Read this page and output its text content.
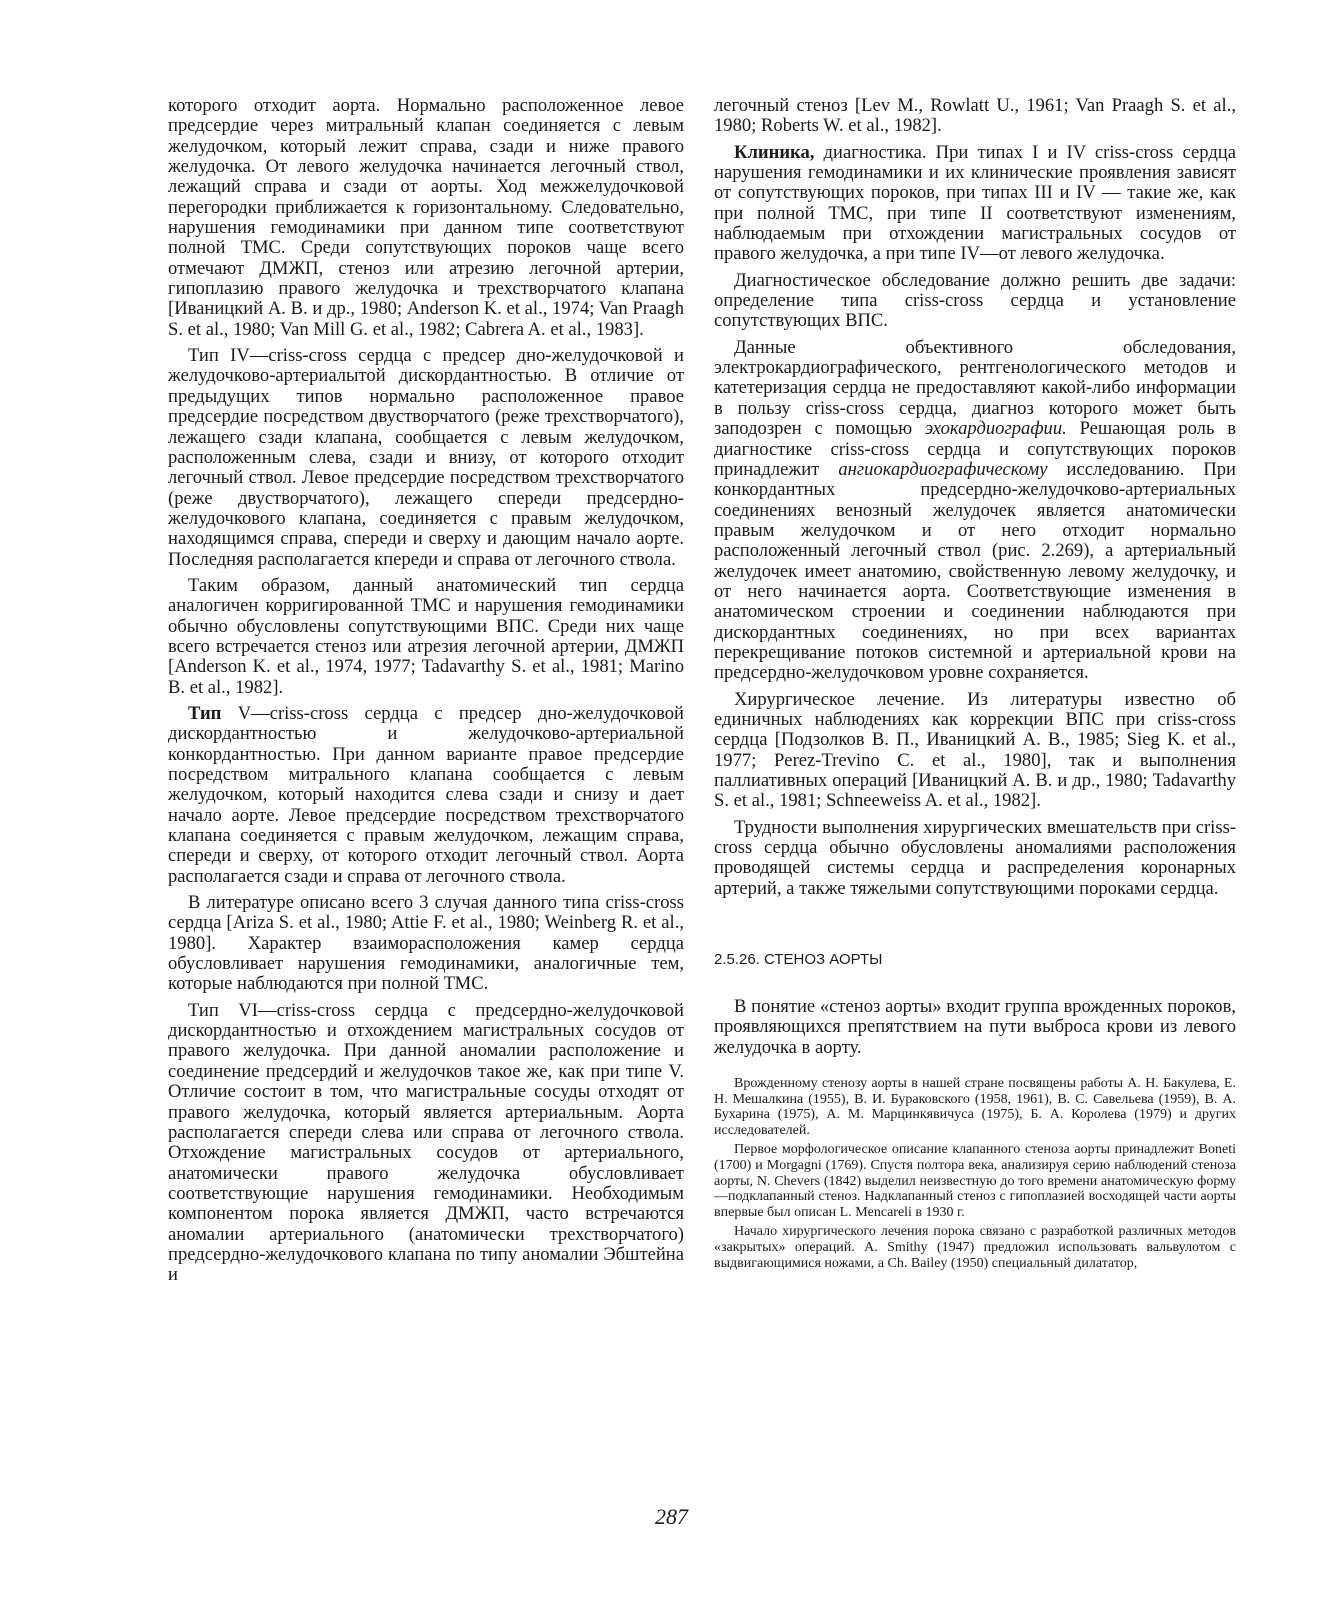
которого отходит аорта. Нормально расположенное левое предсердие через митральный клапан соединяется с левым желудочком, который лежит справа, сзади и ниже правого желудочка. От левого желудочка начинается легочный ствол, лежащий справа и сзади от аорты. Ход межжелудочковой перегородки приближается к горизонтальному. Следовательно, нарушения гемодинамики при данном типе соответствуют полной ТМС. Среди сопутствующих пороков чаще всего отмечают ДМЖП, стеноз или атрезию легочной артерии, гипоплазию правого желудочка и трехстворчатого клапана [Иваницкий А. В. и др., 1980; Anderson K. et al., 1974; Van Praagh S. et al., 1980; Van Mill G. et al., 1982; Cabrera A. et al., 1983].

Тип IV—criss-cross сердца с предсер дно-желудочковой и желудочково-артериалытой дискордантностью. В отличие от предыдущих типов нормально расположенное правое предсердие посредством двустворчатого (реже трехстворчатого), лежащего сзади клапана, сообщается с левым желудочком, расположенным слева, сзади и внизу, от которого отходит легочный ствол. Левое предсердие посредством трехстворчатого (реже двустворчатого), лежащего спереди предсердно-желудочкового клапана, соединяется с правым желудочком, находящимся справа, спереди и сверху и дающим начало аорте. Последняя располагается кпереди и справа от легочного ствола.

Таким образом, данный анатомический тип сердца аналогичен корригированной ТМС и нарушения гемодинамики обычно обусловлены сопутствующими ВПС. Среди них чаще всего встречается стеноз или атрезия легочной артерии, ДМЖП [Anderson K. et al., 1974, 1977; Tadavarthy S. et al., 1981; Marino B. et al., 1982].

Тип V—criss-cross сердца с предсер дно-желудочковой дискордантностью и желудочково-артериальной конкордантностью. При данном варианте правое предсердие посредством митрального клапана сообщается с левым желудочком, который находится слева сзади и снизу и дает начало аорте. Левое предсердие посредством трехстворчатого клапана соединяется с правым желудочком, лежащим справа, спереди и сверху, от которого отходит легочный ствол. Аорта располагается сзади и справа от легочного ствола.

В литературе описано всего 3 случая данного типа criss-cross сердца [Ariza S. et al., 1980; Attie F. et al., 1980; Weinberg R. et al., 1980]. Характер взаиморасположения камер сердца обусловливает нарушения гемодинамики, аналогичные тем, которые наблюдаются при полной ТМС.

Тип VI—criss-cross сердца с предсердно-желудочковой дискордантностью и отхождением магистральных сосудов от правого желудочка. При данной аномалии расположение и соединение предсердий и желудочков такое же, как при типе V. Отличие состоит в том, что магистральные сосуды отходят от правого желудочка, который является артериальным. Аорта располагается спереди слева или справа от легочного ствола. Отхождение магистральных сосудов от артериального, анатомически правого желудочка обусловливает соответствующие нарушения гемодинамики. Необходимым компонентом порока является ДМЖП, часто встречаются аномалии артериального (анатомически трехстворчатого) предсердно-желудочкового клапана по типу аномалии Эбштейна и

легочный стеноз [Lev M., Rowlatt U., 1961; Van Praagh S. et al., 1980; Roberts W. et al., 1982].

Клиника, диагностика. При типах I и IV criss-cross сердца нарушения гемодинамики и их клинические проявления зависят от сопутствующих пороков, при типах III и IV — такие же, как при полной ТМС, при типе II соответствуют изменениям, наблюдаемым при отхождении магистральных сосудов от правого желудочка, а при типе IV—от левого желудочка.

Диагностическое обследование должно решить две задачи: определение типа criss-cross сердца и установление сопутствующих ВПС.

Данные объективного обследования, электрокардиографического, рентгенологического методов и катетеризация сердца не предоставляют какой-либо информации в пользу criss-cross сердца, диагноз которого может быть заподозрен с помощью эхокардиографии. Решающая роль в диагностике criss-cross сердца и сопутствующих пороков принадлежит ангиокардиографическому исследованию. При конкордантных предсердно-желудочково-артериальных соединениях венозный желудочек является анатомически правым желудочком и от него отходит нормально расположенный легочный ствол (рис. 2.269), а артериальный желудочек имеет анатомию, свойственную левому желудочку, и от него начинается аорта. Соответствующие изменения в анатомическом строении и соединении наблюдаются при дискордантных соединениях, но при всех вариантах перекрещивание потоков системной и артериальной крови на предсердно-желудочковом уровне сохраняется.

Хирургическое лечение. Из литературы известно об единичных наблюдениях как коррекции ВПС при criss-cross сердца [Подзолков В. П., Иваницкий А. В., 1985; Sieg K. et al., 1977; Perez-Trevino C. et al., 1980], так и выполнения паллиативных операций [Иваницкий А. В. и др., 1980; Tadavarthy S. et al., 1981; Schneeweiss A. et al., 1982].

Трудности выполнения хирургических вмешательств при criss-cross сердца обычно обусловлены аномалиями расположения проводящей системы сердца и распределения коронарных артерий, а также тяжелыми сопутствующими пороками сердца.

2.5.26. СТЕНОЗ АОРТЫ

В понятие «стеноз аорты» входит группа врожденных пороков, проявляющихся препятствием на пути выброса крови из левого желудочка в аорту.

Врожденному стенозу аорты в нашей стране посвящены работы А. Н. Бакулева, Е. Н. Мешалкина (1955), В. И. Бураковского (1958, 1961), В. С. Савельева (1959), В. А. Бухарина (1975), А. М. Марцинкявичуса (1975), Б. А. Королева (1979) и других исследователей.

Первое морфологическое описание клапанного стеноза аорты принадлежит Boneti (1700) и Morgagni (1769). Спустя полтора века, анализируя серию наблюдений стеноза аорты, N. Chevers (1842) выделил неизвестную до того времени анатомическую форму—подклапанный стеноз. Надклапанный стеноз с гипоплазией восходящей части аорты впервые был описан L. Mencareli в 1930 г.

Начало хирургического лечения порока связано с разработкой различных методов «закрытых» операций. A. Smithy (1947) предложил использовать вальвулотом с выдвигающимися ножами, а Ch. Bailey (1950) специальный дилататор,

287
